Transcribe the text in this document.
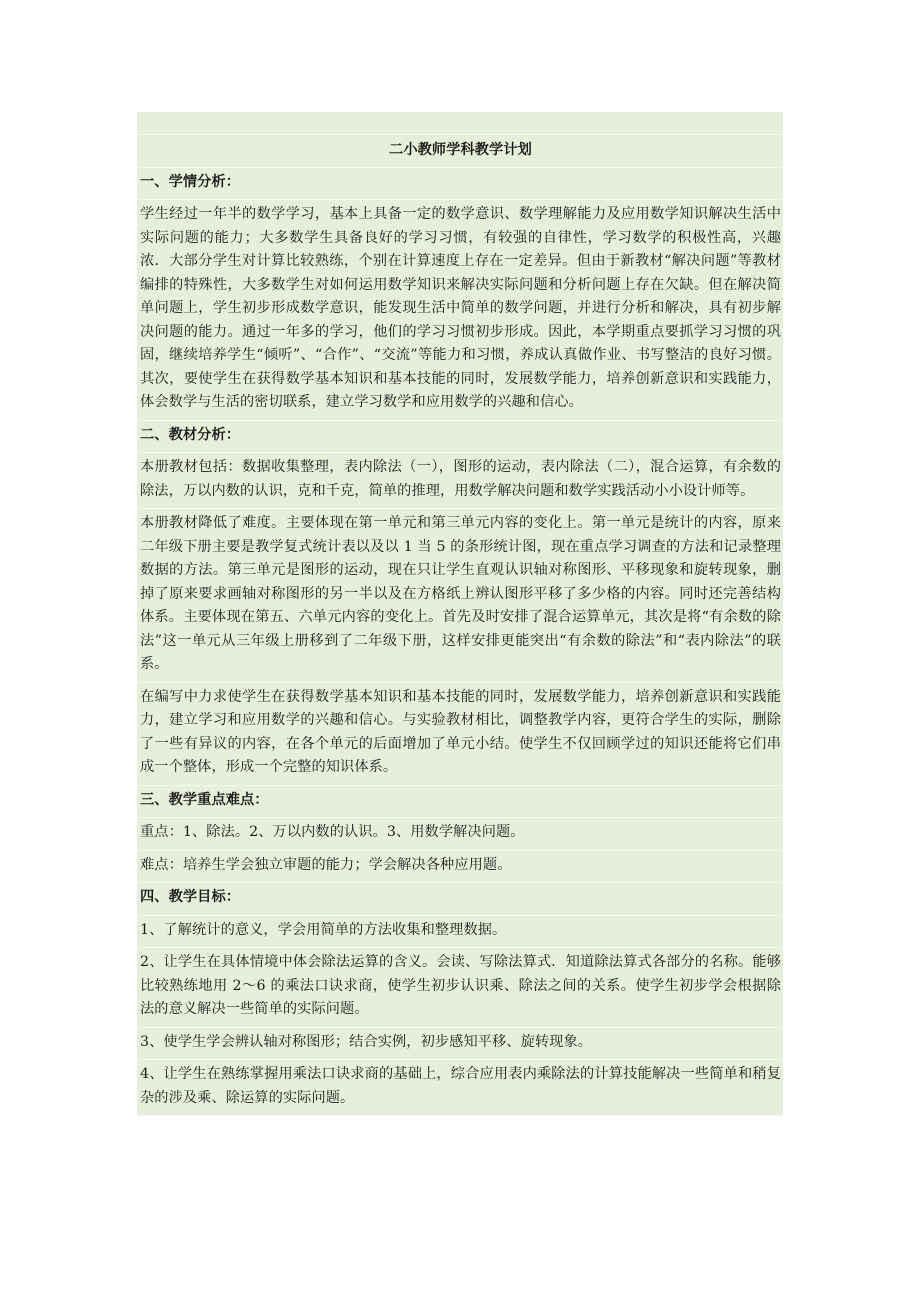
二小教师学科教学计划
一、学情分析：
学生经过一年半的数学学习，基本上具备一定的数学意识、数学理解能力及应用数学知识解决生活中实际问题的能力；大多数学生具备良好的学习习惯，有较强的自律性，学习数学的积极性高，兴趣浓．大部分学生对计算比较熟练，个别在计算速度上存在一定差异。但由于新教材“解决问题”等教材编排的特殊性，大多数学生对如何运用数学知识来解决实际问题和分析问题上存在欠缺。但在解决简单问题上，学生初步形成数学意识，能发现生活中简单的数学问题，并进行分析和解决，具有初步解决问题的能力。通过一年多的学习，他们的学习习惯初步形成。因此，本学期重点要抓学习习惯的巩固，继续培养学生“倾听”、“合作”、“交流”等能力和习惯，养成认真做作业、书写整洁的良好习惯。其次，要使学生在获得数学基本知识和基本技能的同时，发展数学能力，培养创新意识和实践能力，体会数学与生活的密切联系，建立学习数学和应用数学的兴趣和信心。
二、教材分析：
本册教材包括：数据收集整理，表内除法（一），图形的运动，表内除法（二），混合运算，有余数的除法，万以内数的认识，克和千克，简单的推理，用数学解决问题和数学实践活动小小设计师等。
本册教材降低了难度。主要体现在第一单元和第三单元内容的变化上。第一单元是统计的内容，原来二年级下册主要是教学复式统计表以及以 1 当 5 的条形统计图，现在重点学习调查的方法和记录整理数据的方法。第三单元是图形的运动，现在只让学生直观认识轴对称图形、平移现象和旋转现象，删掉了原来要求画轴对称图形的另一半以及在方格纸上辨认图形平移了多少格的内容。同时还完善结构体系。主要体现在第五、六单元内容的变化上。首先及时安排了混合运算单元，其次是将“有余数的除法”这一单元从三年级上册移到了二年级下册，这样安排更能突出“有余数的除法”和“表内除法”的联系。
在编写中力求使学生在获得数学基本知识和基本技能的同时，发展数学能力，培养创新意识和实践能力，建立学习和应用数学的兴趣和信心。与实验教材相比，调整教学内容，更符合学生的实际，删除了一些有异议的内容，在各个单元的后面增加了单元小结。使学生不仅回顾学过的知识还能将它们串成一个整体，形成一个完整的知识体系。
三、教学重点难点：
重点：1、除法。2、万以内数的认识。3、用数学解决问题。
难点：培养生学会独立审题的能力；学会解决各种应用题。
四、教学目标：
1、了解统计的意义，学会用简单的方法收集和整理数据。
2、让学生在具体情境中体会除法运算的含义。会读、写除法算式．知道除法算式各部分的名称。能够比较熟练地用 2～6 的乘法口诀求商，使学生初步认识乘、除法之间的关系。使学生初步学会根据除法的意义解决一些简单的实际问题。
3、使学生学会辨认轴对称图形；结合实例，初步感知平移、旋转现象。
4、让学生在熟练掌握用乘法口诀求商的基础上，综合应用表内乘除法的计算技能解决一些简单和稍复杂的涉及乘、除运算的实际问题。
